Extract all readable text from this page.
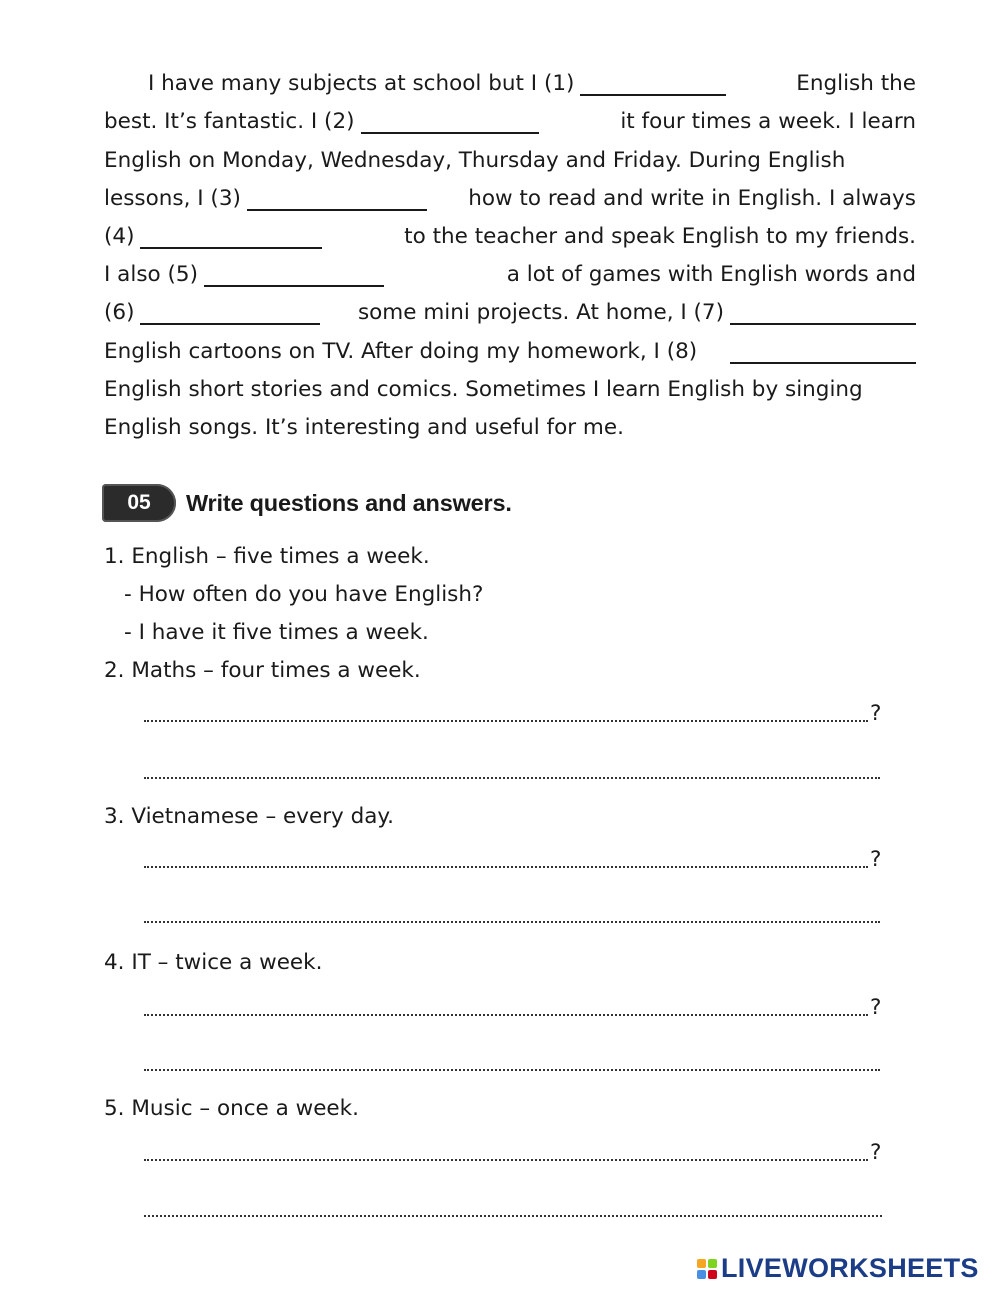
I have many subjects at school but I (1)	English the
best. It’s fantastic. I (2)	it four times a week. I learn
English on Monday, Wednesday, Thursday and Friday. During English
lessons, I (3)	how to read and write in English. I always
(4)	to the teacher and speak English to my friends.
I also (5)	a lot of games with English words and
(6)	some mini projects. At home, I (7)
English cartoons on TV. After doing my homework, I (8)
English short stories and comics. Sometimes I learn English by singing
English songs. It’s interesting and useful for me.
05	Write questions and answers.
1. English – five times a week.
- How often do you have English?
- I have it five times a week.
2. Maths – four times a week.
?
3. Vietnamese – every day.
?
4. IT – twice a week.
?
5. Music – once a week.
?
LIVEWORKSHEETS
